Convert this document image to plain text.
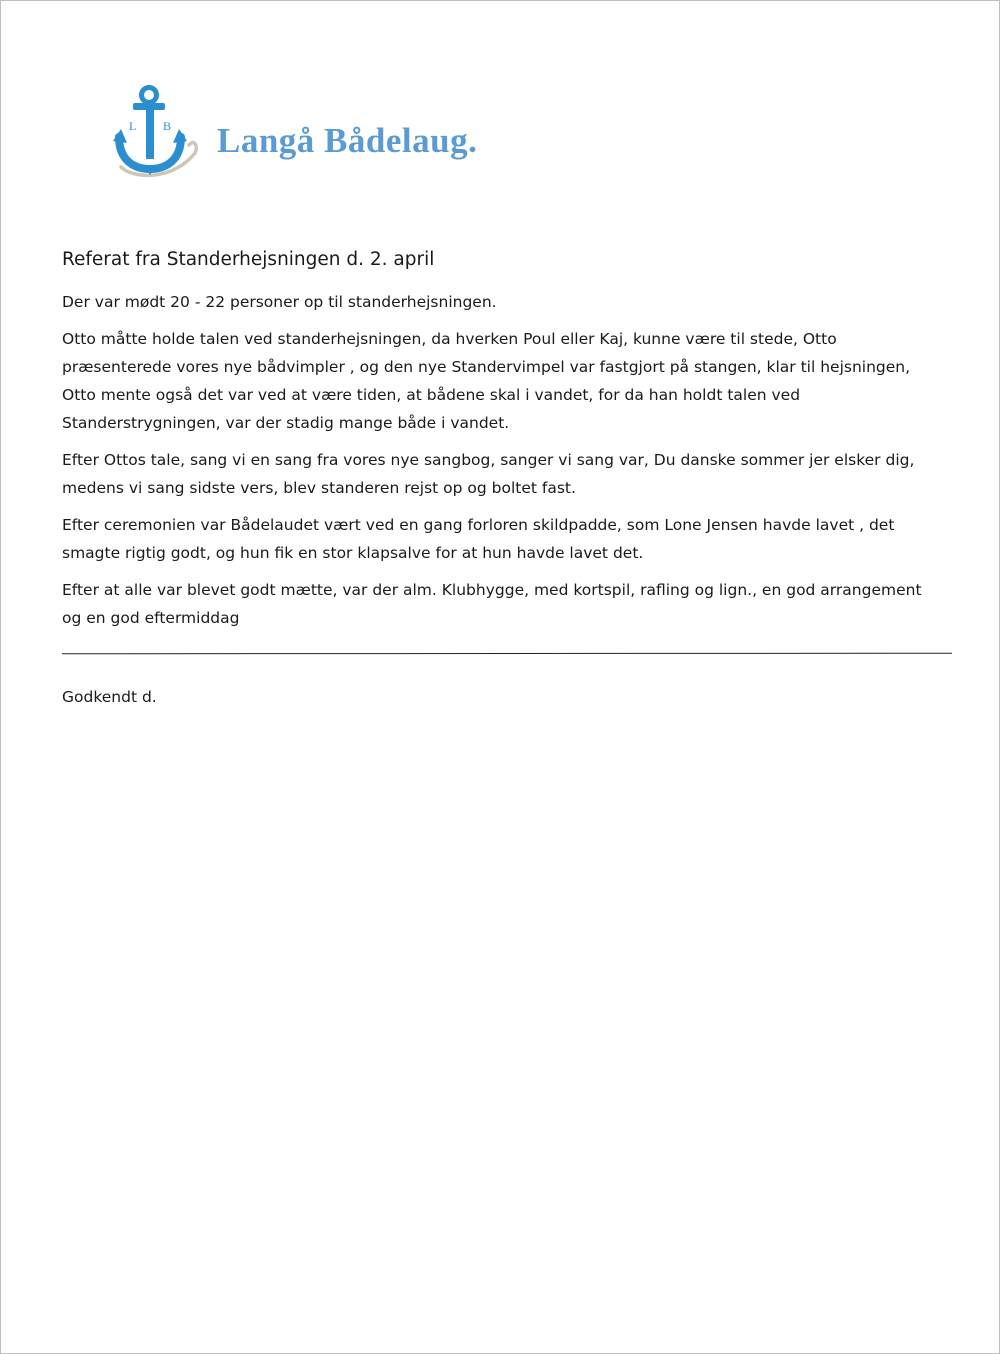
L B Langå Bådelaug.
Referat fra Standerhejsningen d. 2. april

Der var mødt 20 - 22 personer op til standerhejsningen.

Otto måtte holde talen ved standerhejsningen, da hverken Poul eller Kaj, kunne være til stede, Otto præsenterede vores nye bådvimpler , og den nye Standervimpel var fastgjort på stangen, klar til hejsningen, Otto mente også det var ved at være tiden, at bådene skal i vandet, for da han holdt talen ved Standerstrygningen, var der stadig mange både i vandet.

Efter Ottos tale, sang vi en sang fra vores nye sangbog, sanger vi sang var, Du danske sommer jer elsker dig, medens vi sang sidste vers, blev standeren rejst op og boltet fast.

Efter ceremonien var Bådelaudet vært ved en gang forloren skildpadde, som Lone Jensen havde lavet , det smagte rigtig godt, og hun fik en stor klapsalve for at hun havde lavet det.

Efter at alle var blevet godt mætte, var der alm. Klubhygge, med kortspil, rafling og lign., en god arrangement og en god eftermiddag

Godkendt d.
